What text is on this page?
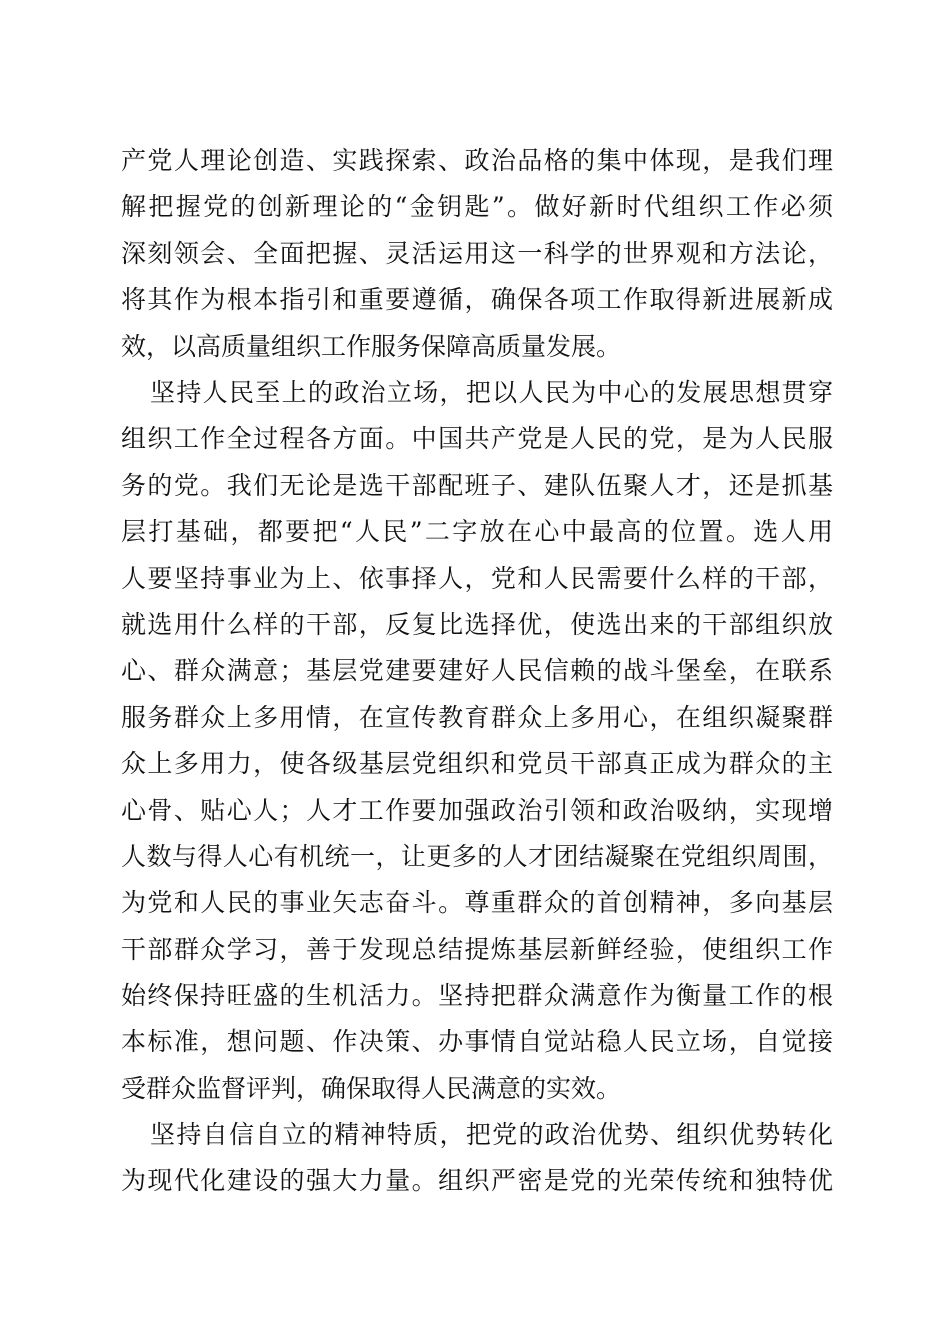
产党人理论创造、实践探索、政治品格的集中体现，是我们理
解把握党的创新理论的“金钥匙”。做好新时代组织工作必须
深刻领会、全面把握、灵活运用这一科学的世界观和方法论，
将其作为根本指引和重要遵循，确保各项工作取得新进展新成
效，以高质量组织工作服务保障高质量发展。
坚持人民至上的政治立场，把以人民为中心的发展思想贯穿
组织工作全过程各方面。中国共产党是人民的党，是为人民服
务的党。我们无论是选干部配班子、建队伍聚人才，还是抓基
层打基础，都要把“人民”二字放在心中最高的位置。选人用
人要坚持事业为上、依事择人，党和人民需要什么样的干部，
就选用什么样的干部，反复比选择优，使选出来的干部组织放
心、群众满意；基层党建要建好人民信赖的战斗堡垒，在联系
服务群众上多用情，在宣传教育群众上多用心，在组织凝聚群
众上多用力，使各级基层党组织和党员干部真正成为群众的主
心骨、贴心人；人才工作要加强政治引领和政治吸纳，实现增
人数与得人心有机统一，让更多的人才团结凝聚在党组织周围，
为党和人民的事业矢志奋斗。尊重群众的首创精神，多向基层
干部群众学习，善于发现总结提炼基层新鲜经验，使组织工作
始终保持旺盛的生机活力。坚持把群众满意作为衡量工作的根
本标准，想问题、作决策、办事情自觉站稳人民立场，自觉接
受群众监督评判，确保取得人民满意的实效。
坚持自信自立的精神特质，把党的政治优势、组织优势转化
为现代化建设的强大力量。组织严密是党的光荣传统和独特优
